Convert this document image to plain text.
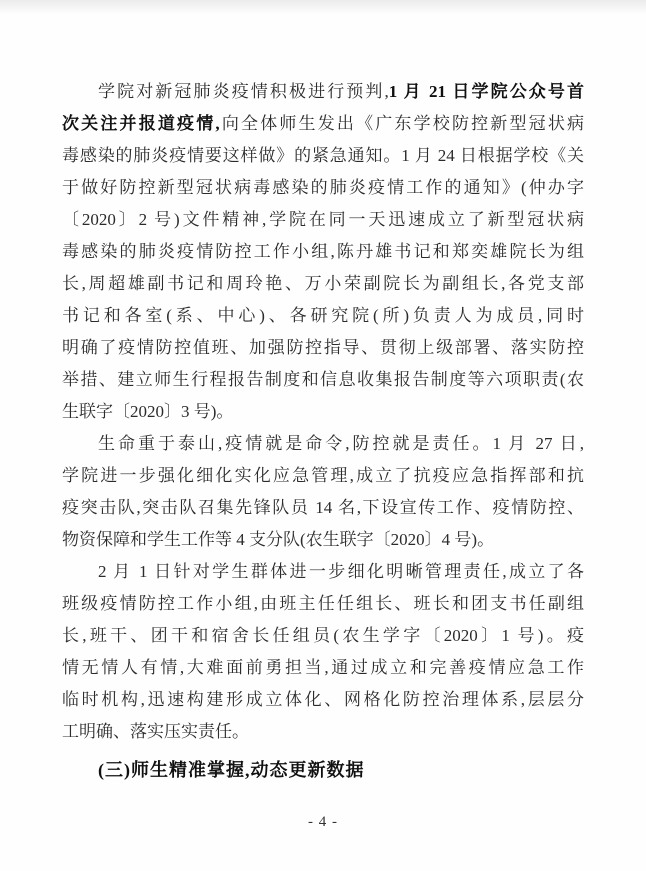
学院对新冠肺炎疫情积极进行预判,1 月 21 日学院公众号首
次关注并报道疫情,向全体师生发出《广东学校防控新型冠状病
毒感染的肺炎疫情要这样做》的紧急通知。1 月 24 日根据学校《关
于做好防控新型冠状病毒感染的肺炎疫情工作的通知》(仲办字
〔2020〕2 号)文件精神,学院在同一天迅速成立了新型冠状病
毒感染的肺炎疫情防控工作小组,陈丹雄书记和郑奕雄院长为组
长,周超雄副书记和周玲艳、万小荣副院长为副组长,各党支部
书记和各室(系、中心)、各研究院(所)负责人为成员,同时
明确了疫情防控值班、加强防控指导、贯彻上级部署、落实防控
举措、建立师生行程报告制度和信息收集报告制度等六项职责(农
生联字〔2020〕3 号)。
生命重于泰山,疫情就是命令,防控就是责任。1 月 27 日,
学院进一步强化细化实化应急管理,成立了抗疫应急指挥部和抗
疫突击队,突击队召集先锋队员 14 名,下设宣传工作、疫情防控、
物资保障和学生工作等 4 支分队(农生联字〔2020〕4 号)。
2 月 1 日针对学生群体进一步细化明晰管理责任,成立了各
班级疫情防控工作小组,由班主任任组长、班长和团支书任副组
长,班干、团干和宿舍长任组员(农生学字〔2020〕1 号)。疫
情无情人有情,大难面前勇担当,通过成立和完善疫情应急工作
临时机构,迅速构建形成立体化、网格化防控治理体系,层层分
工明确、落实压实责任。
(三)师生精准掌握,动态更新数据
- 4 -
